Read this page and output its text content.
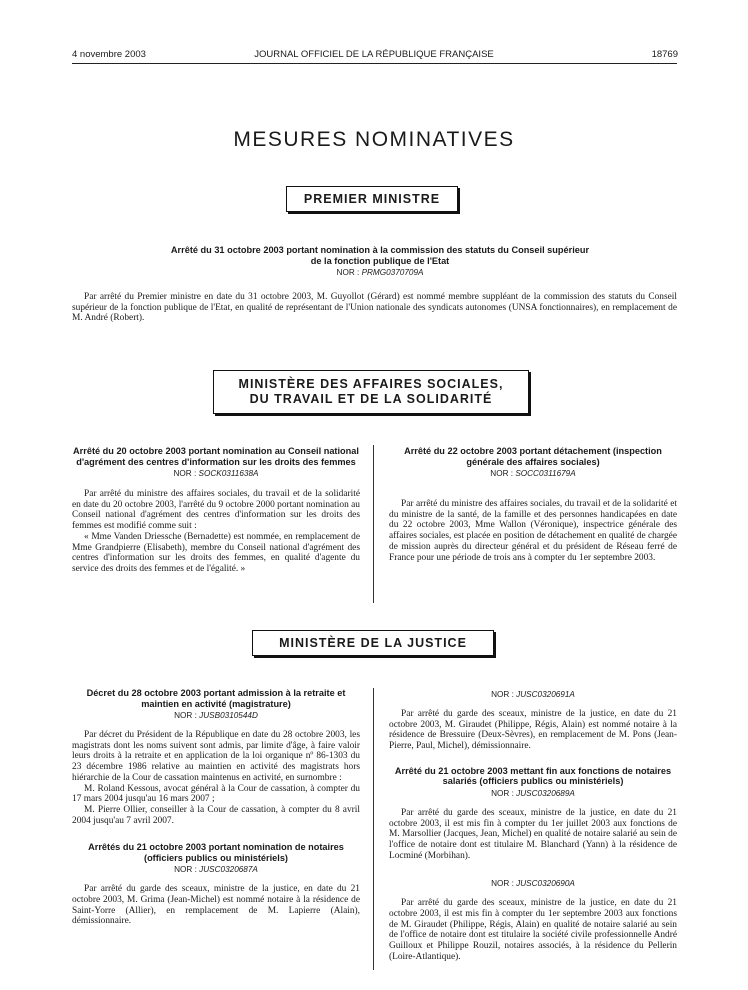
4 novembre 2003	JOURNAL OFFICIEL DE LA RÉPUBLIQUE FRANÇAISE	18769
MESURES NOMINATIVES
PREMIER MINISTRE
Arrêté du 31 octobre 2003 portant nomination à la commission des statuts du Conseil supérieur de la fonction publique de l'Etat
NOR : PRMG0370709A

Par arrêté du Premier ministre en date du 31 octobre 2003, M. Guyollot (Gérard) est nommé membre suppléant de la commission des statuts du Conseil supérieur de la fonction publique de l'Etat, en qualité de représentant de l'Union nationale des syndicats autonomes (UNSA fonctionnaires), en remplacement de M. André (Robert).

MINISTÈRE DES AFFAIRES SOCIALES,
DU TRAVAIL ET DE LA SOLIDARITÉ
Arrêté du 20 octobre 2003 portant nomination au Conseil national d'agrément des centres d'information sur les droits des femmes
NOR : SOCK0311638A

Par arrêté du ministre des affaires sociales, du travail et de la solidarité en date du 20 octobre 2003, l'arrêté du 9 octobre 2000 portant nomination au Conseil national d'agrément des centres d'information sur les droits des femmes est modifié comme suit :

« Mme Vanden Driessche (Bernadette) est nommée, en remplacement de Mme Grandpierre (Elisabeth), membre du Conseil national d'agrément des centres d'information sur les droits des femmes, en qualité d'agente du service des droits des femmes et de l'égalité. »

Arrêté du 22 octobre 2003 portant détachement (inspection générale des affaires sociales)
NOR : SOCC0311679A

Par arrêté du ministre des affaires sociales, du travail et de la solidarité et du ministre de la santé, de la famille et des personnes handicapées en date du 22 octobre 2003, Mme Wallon (Véronique), inspectrice générale des affaires sociales, est placée en position de détachement en qualité de chargée de mission auprès du directeur général et du président de Réseau ferré de France pour une période de trois ans à compter du 1er septembre 2003.

MINISTÈRE DE LA JUSTICE
Décret du 28 octobre 2003 portant admission à la retraite et maintien en activité (magistrature)
NOR : JUSB0310544D

Par décret du Président de la République en date du 28 octobre 2003, les magistrats dont les noms suivent sont admis, par limite d'âge, à faire valoir leurs droits à la retraite et en application de la loi organique nº 86-1303 du 23 décembre 1986 relative au maintien en activité des magistrats hors hiérarchie de la Cour de cassation maintenus en activité, en surnombre :

M. Roland Kessous, avocat général à la Cour de cassation, à compter du 17 mars 2004 jusqu'au 16 mars 2007 ;

M. Pierre Ollier, conseiller à la Cour de cassation, à compter du 8 avril 2004 jusqu'au 7 avril 2007.

Arrêtés du 21 octobre 2003 portant nomination de notaires (officiers publics ou ministériels)
NOR : JUSC0320687A

Par arrêté du garde des sceaux, ministre de la justice, en date du 21 octobre 2003, M. Grima (Jean-Michel) est nommé notaire à la résidence de Saint-Yorre (Allier), en remplacement de M. Lapierre (Alain), démissionnaire.

NOR : JUSC0320691A

Par arrêté du garde des sceaux, ministre de la justice, en date du 21 octobre 2003, M. Giraudet (Philippe, Régis, Alain) est nommé notaire à la résidence de Bressuire (Deux-Sèvres), en remplacement de M. Pons (Jean-Pierre, Paul, Michel), démissionnaire.

Arrêté du 21 octobre 2003 mettant fin aux fonctions de notaires salariés (officiers publics ou ministériels)
NOR : JUSC0320689A

Par arrêté du garde des sceaux, ministre de la justice, en date du 21 octobre 2003, il est mis fin à compter du 1er juillet 2003 aux fonctions de M. Marsollier (Jacques, Jean, Michel) en qualité de notaire salarié au sein de l'office de notaire dont est titulaire M. Blanchard (Yann) à la résidence de Locminé (Morbihan).

NOR : JUSC0320690A

Par arrêté du garde des sceaux, ministre de la justice, en date du 21 octobre 2003, il est mis fin à compter du 1er septembre 2003 aux fonctions de M. Giraudet (Philippe, Régis, Alain) en qualité de notaire salarié au sein de l'office de notaire dont est titulaire la société civile professionnelle André Guilloux et Philippe Rouzil, notaires associés, à la résidence du Pellerin (Loire-Atlantique).
